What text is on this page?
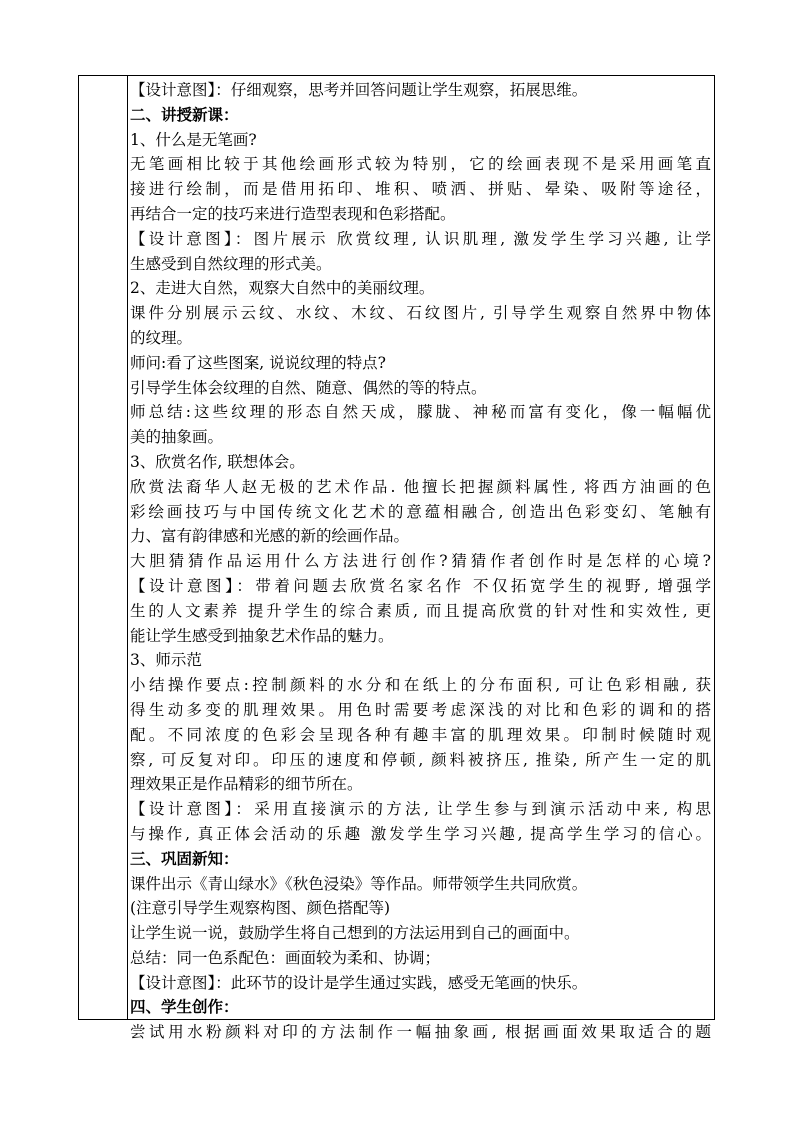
【设计意图】：仔细观察，思考并回答问题让学生观察，拓展思维。
二、讲授新课：
1、什么是无笔画?
无笔画相比较于其他绘画形式较为特别，它的绘画表现不是采用画笔直
接进行绘制，而是借用拓印、堆积、喷洒、拼贴、晕染、吸附等途径，
再结合一定的技巧来进行造型表现和色彩搭配。
【设计意图】：图片展示 欣赏纹理, 认识肌理, 激发学生学习兴趣, 让学
生感受到自然纹理的形式美。
2、走进大自然，观察大自然中的美丽纹理。
课件分别展示云纹、水纹、木纹、石纹图片, 引导学生观察自然界中物体
的纹理。
师问:看了这些图案, 说说纹理的特点?
引导学生体会纹理的自然、随意、偶然的等的特点。
师总结:这些纹理的形态自然天成，朦胧、神秘而富有变化，像一幅幅优
美的抽象画。
3、欣赏名作, 联想体会。
欣赏法裔华人赵无极的艺术作品. 他擅长把握颜料属性, 将西方油画的色
彩绘画技巧与中国传统文化艺术的意蕴相融合, 创造出色彩变幻、笔触有
力、富有韵律感和光感的新的绘画作品。
大胆猜猜作品运用什么方法进行创作?猜猜作者创作时是怎样的心境?
【设计意图】：带着问题去欣赏名家名作 不仅拓宽学生的视野, 增强学
生的人文素养 提升学生的综合素质, 而且提高欣赏的针对性和实效性, 更
能让学生感受到抽象艺术作品的魅力。
3、师示范
小结操作要点:控制颜料的水分和在纸上的分布面积, 可让色彩相融, 获
得生动多变的肌理效果。用色时需要考虑深浅的对比和色彩的调和的搭
配。不同浓度的色彩会呈现各种有趣丰富的肌理效果。印制时候随时观
察, 可反复对印。印压的速度和停顿, 颜料被挤压, 推染, 所产生一定的肌
理效果正是作品精彩的细节所在。
【设计意图】：采用直接演示的方法, 让学生参与到演示活动中来, 构思
与操作, 真正体会活动的乐趣 激发学生学习兴趣, 提高学生学习的信心。
三、巩固新知：
课件出示《青山绿水》《秋色浸染》等作品。师带领学生共同欣赏。
(注意引导学生观察构图、颜色搭配等)
让学生说一说，鼓励学生将自己想到的方法运用到自己的画面中。
总结：同一色系配色：画面较为柔和、协调；
【设计意图】：此环节的设计是学生通过实践，感受无笔画的快乐。
四、学生创作：
尝试用水粉颜料对印的方法制作一幅抽象画, 根据画面效果取适合的题
